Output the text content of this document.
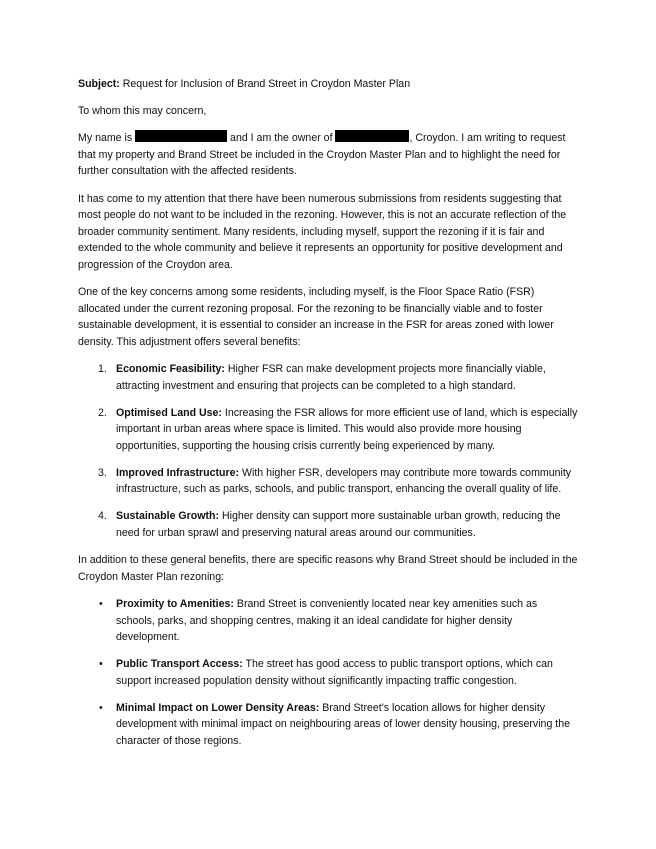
Subject: Request for Inclusion of Brand Street in Croydon Master Plan

To whom this may concern,

My name is	and I am the owner of	, Croydon. I am writing to request that my property and Brand Street be included in the Croydon Master Plan and to highlight the need for further consultation with the affected residents.

It has come to my attention that there have been numerous submissions from residents suggesting that most people do not want to be included in the rezoning. However, this is not an accurate reflection of the broader community sentiment. Many residents, including myself, support the rezoning if it is fair and extended to the whole community and believe it represents an opportunity for positive development and progression of the Croydon area.

One of the key concerns among some residents, including myself, is the Floor Space Ratio (FSR) allocated under the current rezoning proposal. For the rezoning to be financially viable and to foster sustainable development, it is essential to consider an increase in the FSR for areas zoned with lower density. This adjustment offers several benefits:

1. Economic Feasibility: Higher FSR can make development projects more financially viable, attracting investment and ensuring that projects can be completed to a high standard.
2. Optimised Land Use: Increasing the FSR allows for more efficient use of land, which is especially important in urban areas where space is limited. This would also provide more housing opportunities, supporting the housing crisis currently being experienced by many.
3. Improved Infrastructure: With higher FSR, developers may contribute more towards community infrastructure, such as parks, schools, and public transport, enhancing the overall quality of life.
4. Sustainable Growth: Higher density can support more sustainable urban growth, reducing the need for urban sprawl and preserving natural areas around our communities.

In addition to these general benefits, there are specific reasons why Brand Street should be included in the Croydon Master Plan rezoning:

• Proximity to Amenities: Brand Street is conveniently located near key amenities such as schools, parks, and shopping centres, making it an ideal candidate for higher density development.
• Public Transport Access: The street has good access to public transport options, which can support increased population density without significantly impacting traffic congestion.
• Minimal Impact on Lower Density Areas: Brand Street's location allows for higher density development with minimal impact on neighbouring areas of lower density housing, preserving the character of those regions.
